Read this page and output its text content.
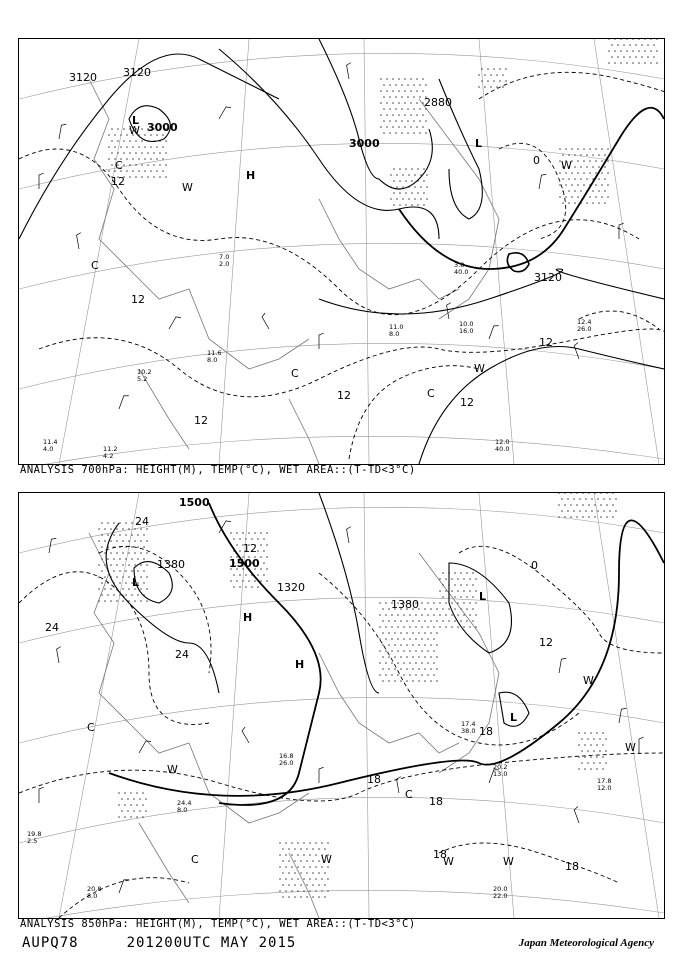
3120
3000
3000
2880
3120
3120
12
12
12
12
12
0
12
L
L
H
W
W
W
C
C
C
W
C
12.0
40.0
11.0
8.0
10.0
16.0
3.8
40.0
11.6
8.0
12.4
26.0
11.2
4.2
11.4
4.0
7.0
2.0
10.2
5.2
ANALYSIS 700hPa: HEIGHT(M), TEMP(°C), WET AREA::(T-TD<3°C)
1500
1500
1380
1380
1320
24
24
24
12
18
18
18
18
18
12
0
L
H
H
L
L
W
W	W	W
C
C
C
W
W
20.2
13.0
17.8
12.0
20.0
22.0
17.4
38.0
24.4
8.0
19.8
2.5
20.8
8.0
16.8
26.0
ANALYSIS 850hPa: HEIGHT(M), TEMP(°C), WET AREA::(T-TD<3°C)
AUPQ78	201200UTC MAY 2015	Japan Meteorological Agency
